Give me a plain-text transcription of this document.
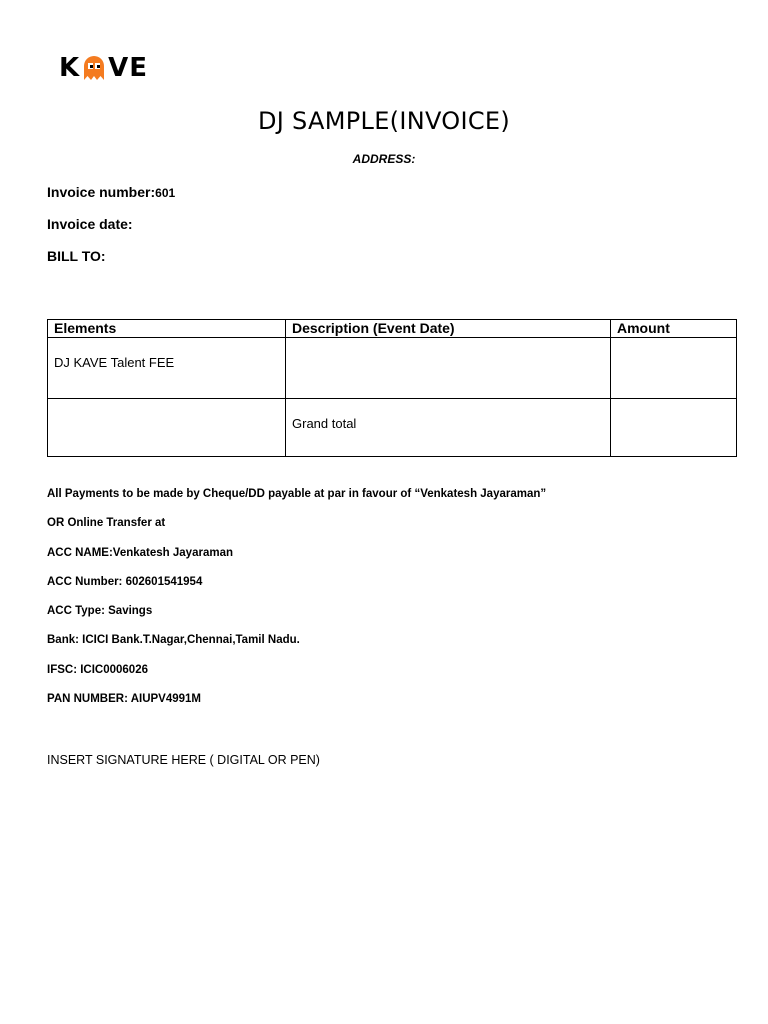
K VE
DJ SAMPLE(INVOICE)
ADDRESS:
Invoice number:601
Invoice date:
BILL TO:
Elements	Description (Event Date)	Amount

DJ KAVE Talent FEE		

	Grand total	

All Payments to be made by Cheque/DD payable at par in favour of “Venkatesh Jayaraman”
OR Online Transfer at
ACC NAME:Venkatesh Jayaraman
ACC Number: 602601541954
ACC Type: Savings
Bank: ICICI Bank.T.Nagar,Chennai,Tamil Nadu.
IFSC: ICIC0006026
PAN NUMBER: AIUPV4991M
INSERT SIGNATURE HERE ( DIGITAL OR PEN)
